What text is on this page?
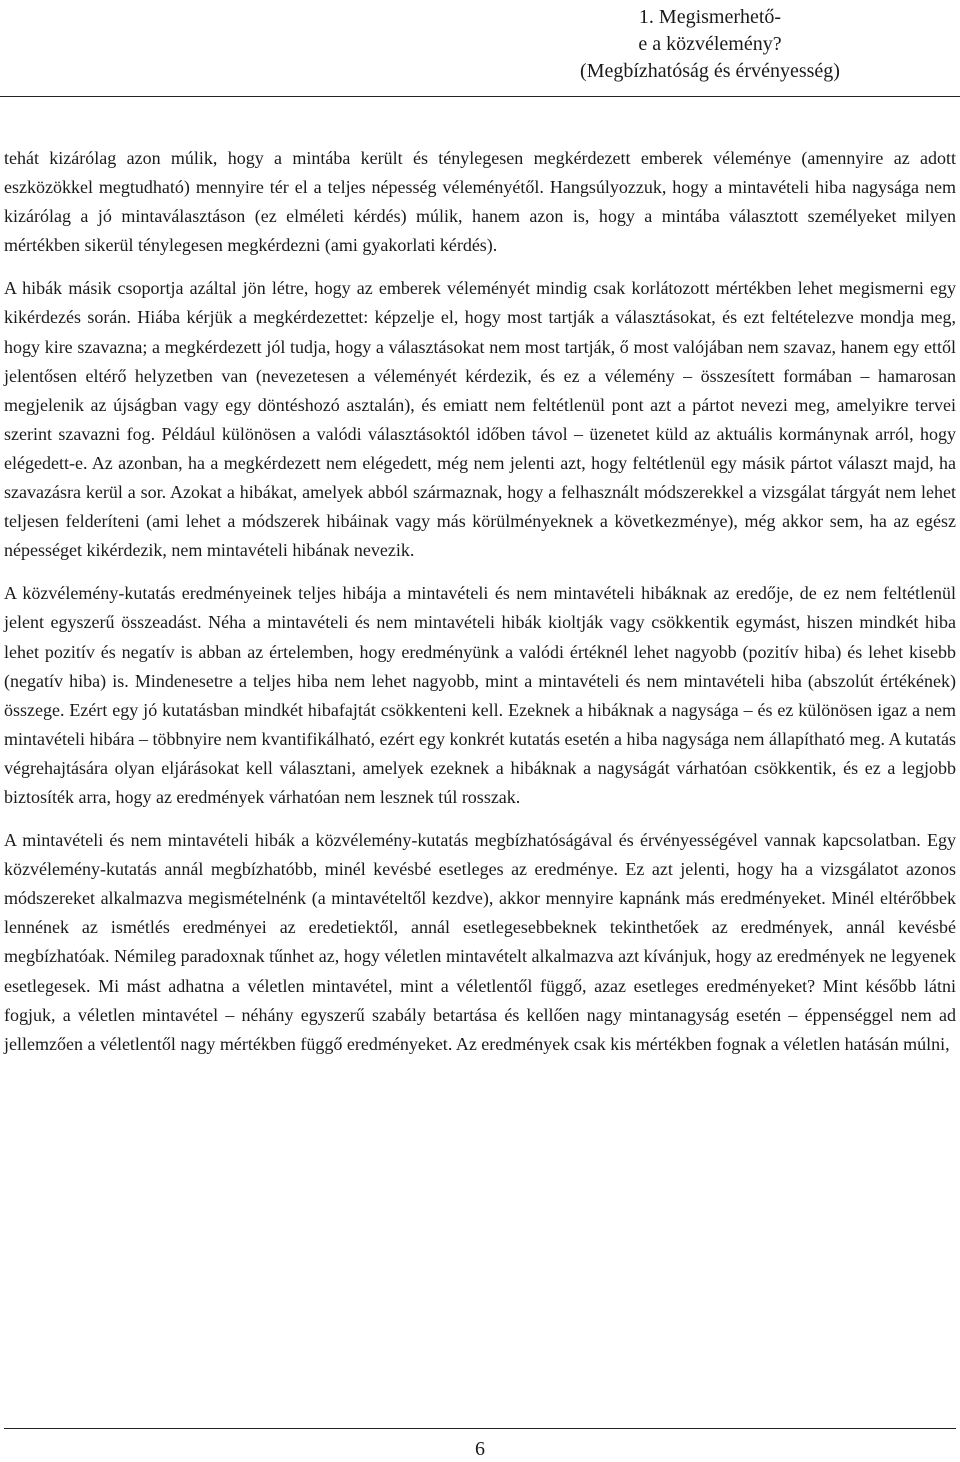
1. Megismerhető-
e a közvélemény?
(Megbízhatóság és érvényesség)

tehát kizárólag azon múlik, hogy a mintába került és ténylegesen megkérdezett emberek véleménye (amennyire az adott eszközökkel megtudható) mennyire tér el a teljes népesség véleményétől. Hangsúlyozzuk, hogy a mintavételi hiba nagysága nem kizárólag a jó mintaválasztáson (ez elméleti kérdés) múlik, hanem azon is, hogy a mintába választott személyeket milyen mértékben sikerül ténylegesen megkérdezni (ami gyakorlati kérdés).

A hibák másik csoportja azáltal jön létre, hogy az emberek véleményét mindig csak korlátozott mértékben lehet megismerni egy kikérdezés során. Hiába kérjük a megkérdezettet: képzelje el, hogy most tartják a választásokat, és ezt feltételezve mondja meg, hogy kire szavazna; a megkérdezett jól tudja, hogy a választásokat nem most tartják, ő most valójában nem szavaz, hanem egy ettől jelentősen eltérő helyzetben van (nevezetesen a véleményét kérdezik, és ez a vélemény – összesített formában – hamarosan megjelenik az újságban vagy egy döntéshozó asztalán), és emiatt nem feltétlenül pont azt a pártot nevezi meg, amelyikre tervei szerint szavazni fog. Például különösen a valódi választásoktól időben távol – üzenetet küld az aktuális kormánynak arról, hogy elégedett-e. Az azonban, ha a megkérdezett nem elégedett, még nem jelenti azt, hogy feltétlenül egy másik pártot választ majd, ha szavazásra kerül a sor. Azokat a hibákat, amelyek abból származnak, hogy a felhasznált módszerekkel a vizsgálat tárgyát nem lehet teljesen felderíteni (ami lehet a módszerek hibáinak vagy más körülményeknek a következménye), még akkor sem, ha az egész népességet kikérdezik, nem mintavételi hibának nevezik.

A közvélemény-kutatás eredményeinek teljes hibája a mintavételi és nem mintavételi hibáknak az eredője, de ez nem feltétlenül jelent egyszerű összeadást. Néha a mintavételi és nem mintavételi hibák kioltják vagy csökkentik egymást, hiszen mindkét hiba lehet pozitív és negatív is abban az értelemben, hogy eredményünk a valódi értéknél lehet nagyobb (pozitív hiba) és lehet kisebb (negatív hiba) is. Mindenesetre a teljes hiba nem lehet nagyobb, mint a mintavételi és nem mintavételi hiba (abszolút értékének) összege. Ezért egy jó kutatásban mindkét hibafajtát csökkenteni kell. Ezeknek a hibáknak a nagysága – és ez különösen igaz a nem mintavételi hibára – többnyire nem kvantifikálható, ezért egy konkrét kutatás esetén a hiba nagysága nem állapítható meg. A kutatás végrehajtására olyan eljárásokat kell választani, amelyek ezeknek a hibáknak a nagyságát várhatóan csökkentik, és ez a legjobb biztosíték arra, hogy az eredmények várhatóan nem lesznek túl rosszak.

A mintavételi és nem mintavételi hibák a közvélemény-kutatás megbízhatóságával és érvényességével vannak kapcsolatban. Egy közvélemény-kutatás annál megbízhatóbb, minél kevésbé esetleges az eredménye. Ez azt jelenti, hogy ha a vizsgálatot azonos módszereket alkalmazva megismételnénk (a mintavételtől kezdve), akkor mennyire kapnánk más eredményeket. Minél eltérőbbek lennének az ismétlés eredményei az eredetiektől, annál esetlegesebbeknek tekinthetőek az eredmények, annál kevésbé megbízhatóak. Némileg paradoxnak tűnhet az, hogy véletlen mintavételt alkalmazva azt kívánjuk, hogy az eredmények ne legyenek esetlegesek. Mi mást adhatna a véletlen mintavétel, mint a véletlentől függő, azaz esetleges eredményeket? Mint később látni fogjuk, a véletlen mintavétel – néhány egyszerű szabály betartása és kellően nagy mintanagyság esetén – éppenséggel nem ad jellemzően a véletlentől nagy mértékben függő eredményeket. Az eredmények csak kis mértékben fognak a véletlen hatásán múlni,

6
